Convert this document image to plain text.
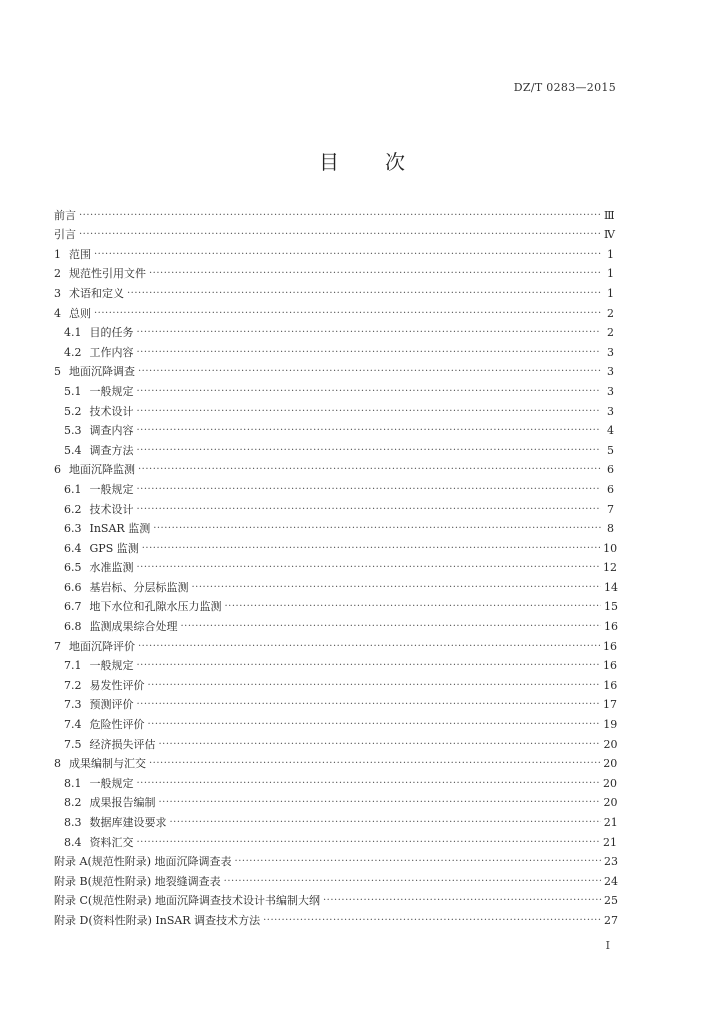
DZ/T 0283—2015
目次
前言 ·····	Ⅲ
引言 ·····	Ⅳ
1 范围 ·····	1
2 规范性引用文件 ·····	1
3 术语和定义 ·····	1
4 总则 ·····	2
4.1 目的任务 ·····	2
4.2 工作内容 ·····	3
5 地面沉降调查 ·····	3
5.1 一般规定 ·····	3
5.2 技术设计 ·····	3
5.3 调查内容 ·····	4
5.4 调查方法 ·····	5
6 地面沉降监测 ·····	6
6.1 一般规定 ·····	6
6.2 技术设计 ·····	7
6.3 InSAR 监测 ·····	8
6.4 GPS 监测 ·····	10
6.5 水准监测 ·····	12
6.6 基岩标、分层标监测 ·····	14
6.7 地下水位和孔隙水压力监测 ·····	15
6.8 监测成果综合处理 ·····	16
7 地面沉降评价 ·····	16
7.1 一般规定 ·····	16
7.2 易发性评价 ·····	16
7.3 预测评价 ·····	17
7.4 危险性评价 ·····	19
7.5 经济损失评估 ·····	20
8 成果编制与汇交 ·····	20
8.1 一般规定 ·····	20
8.2 成果报告编制 ·····	20
8.3 数据库建设要求 ·····	21
8.4 资料汇交 ·····	21
附录 A(规范性附录) 地面沉降调查表 ·····	23
附录 B(规范性附录) 地裂缝调查表 ·····	24
附录 C(规范性附录) 地面沉降调查技术设计书编制大纲 ·····	25
附录 D(资料性附录) InSAR 调查技术方法 ·····	27
I
